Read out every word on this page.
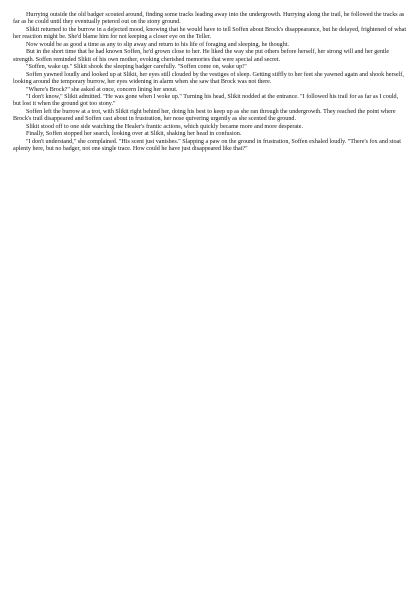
Hurrying outside the old badger scouted around, finding some tracks leading away into the undergrowth. Hurrying along the trail, he followed the tracks as far as he could until they eventually petered out on the stony ground.

Slikit returned to the burrow in a dejected mood, knowing that he would have to tell Soffen about Brock's disappearance, but he delayed, frightened of what her reaction might be. She'd blame him for not keeping a closer eye on the Teller.

Now would be as good a time as any to slip away and return to his life of foraging and sleeping, he thought.

But in the short time that he had known Soffen, he'd grown close to her. He liked the way she put others before herself, her strong will and her gentle strength. Soffen reminded Slikit of his own mother, evoking cherished memories that were special and secret.

"Soffen, wake up." Slikit shook the sleeping badger carefully. "Soffen come on, wake up!"

Soffen yawned loudly and looked up at Slikit, her eyes still clouded by the vestiges of sleep. Getting stiffly to her feet she yawned again and shook herself, looking around the temporary burrow, her eyes widening in alarm when she saw that Brock was not there.

"Where's Brock?" she asked at once, concern lining her snout.

"I don't know," Slikit admitted. "He was gone when I woke up." Turning his head, Slikit nodded at the entrance. "I followed his trail for as far as I could, but lost it when the ground got too stony."

Soffen left the burrow at a trot, with Slikit right behind her, doing his best to keep up as she ran through the undergrowth. They reached the point where Brock's trail disappeared and Soffen cast about in frustration, her nose quivering urgently as she scented the ground.

Slikit stood off to one side watching the Healer's frantic actions, which quickly became more and more desperate.

Finally, Soffen stopped her search, looking over at Slikit, shaking her head in confusion.

"I don't understand," she complained. "His scent just vanishes." Slapping a paw on the ground in frustration, Soffen exhaled loudly. "There's fox and stoat aplenty here, but no badger, not one single trace. How could he have just disappeared like that?"
